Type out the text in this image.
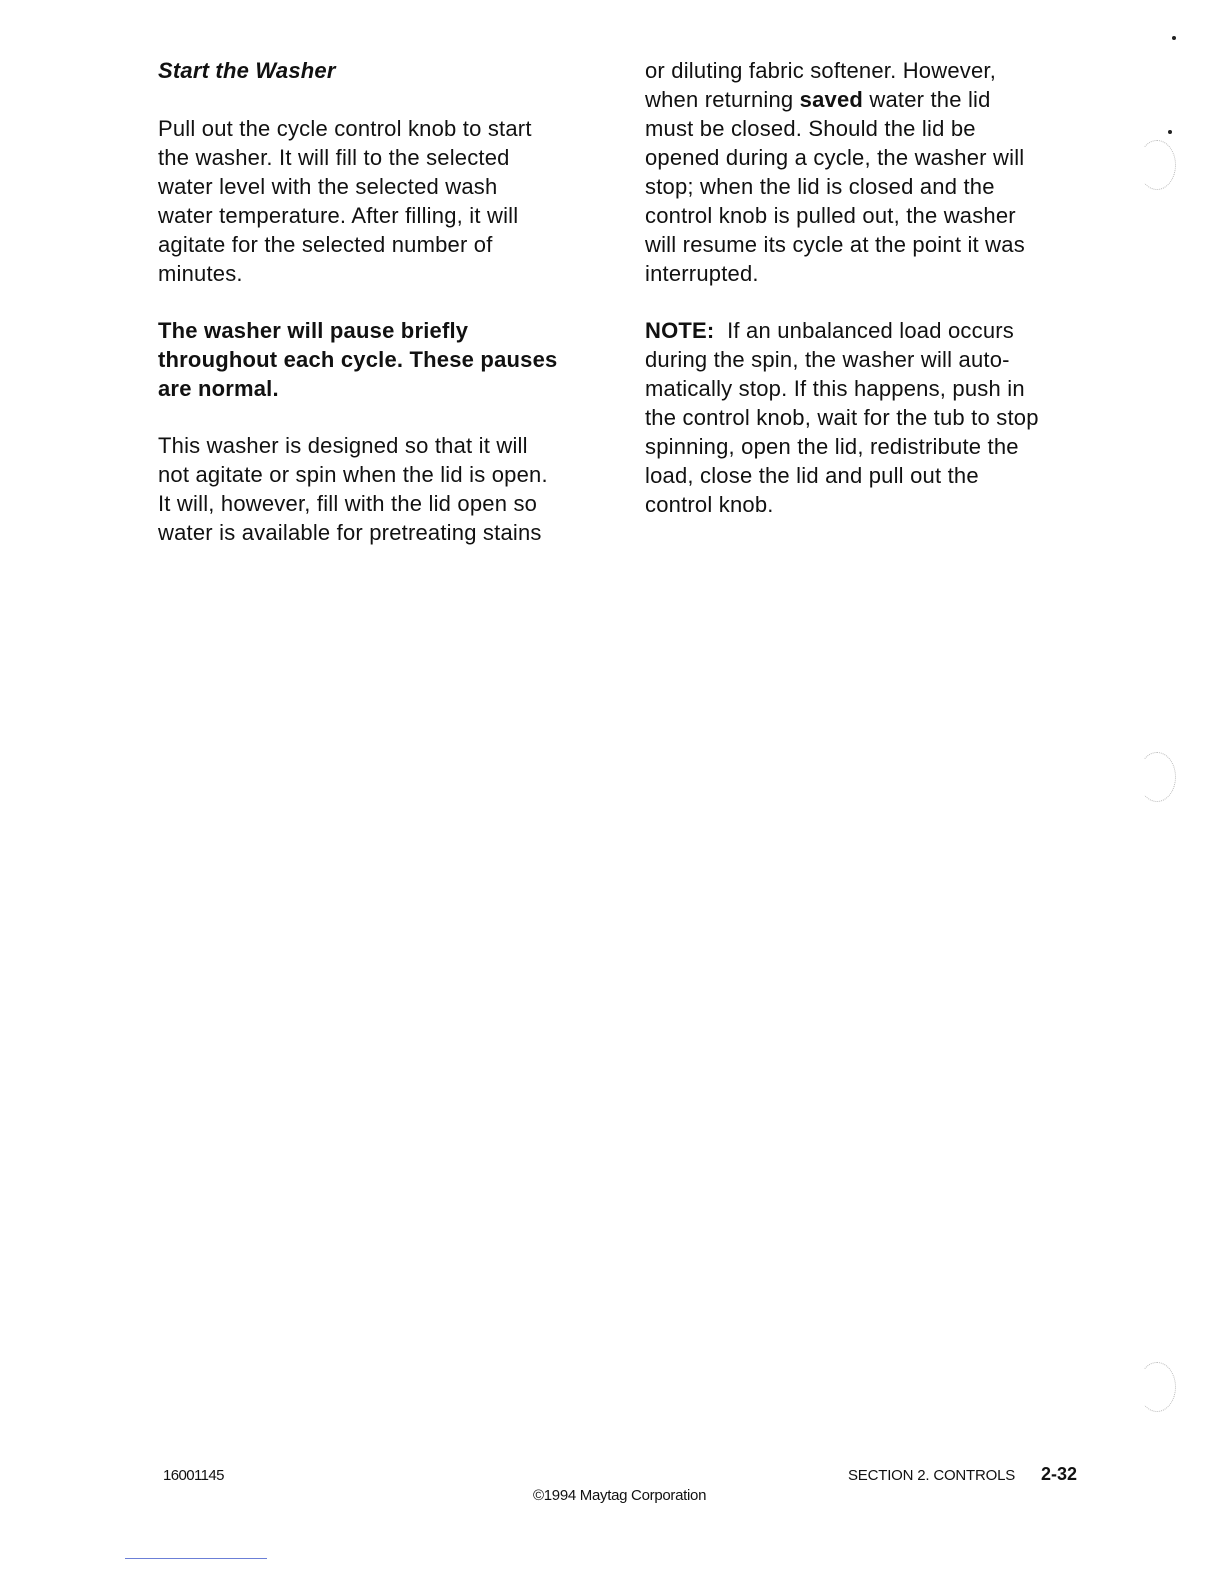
Start the Washer
Pull out the cycle control knob to start
the washer. It will fill to the selected
water level with the selected wash
water temperature. After filling, it will
agitate for the selected number of
minutes.
The washer will pause briefly
throughout each cycle. These pauses
are normal.
This washer is designed so that it will
not agitate or spin when the lid is open.
It will, however, fill with the lid open so
water is available for pretreating stains
or diluting fabric softener. However,
when returning saved water the lid
must be closed. Should the lid be
opened during a cycle, the washer will
stop; when the lid is closed and the
control knob is pulled out, the washer
will resume its cycle at the point it was
interrupted.
NOTE:  If an unbalanced load occurs
during the spin, the washer will auto-
matically stop. If this happens, push in
the control knob, wait for the tub to stop
spinning, open the lid, redistribute the
load, close the lid and pull out the
control knob.
16001145
©1994 Maytag Corporation
SECTION 2. CONTROLS 2-32
